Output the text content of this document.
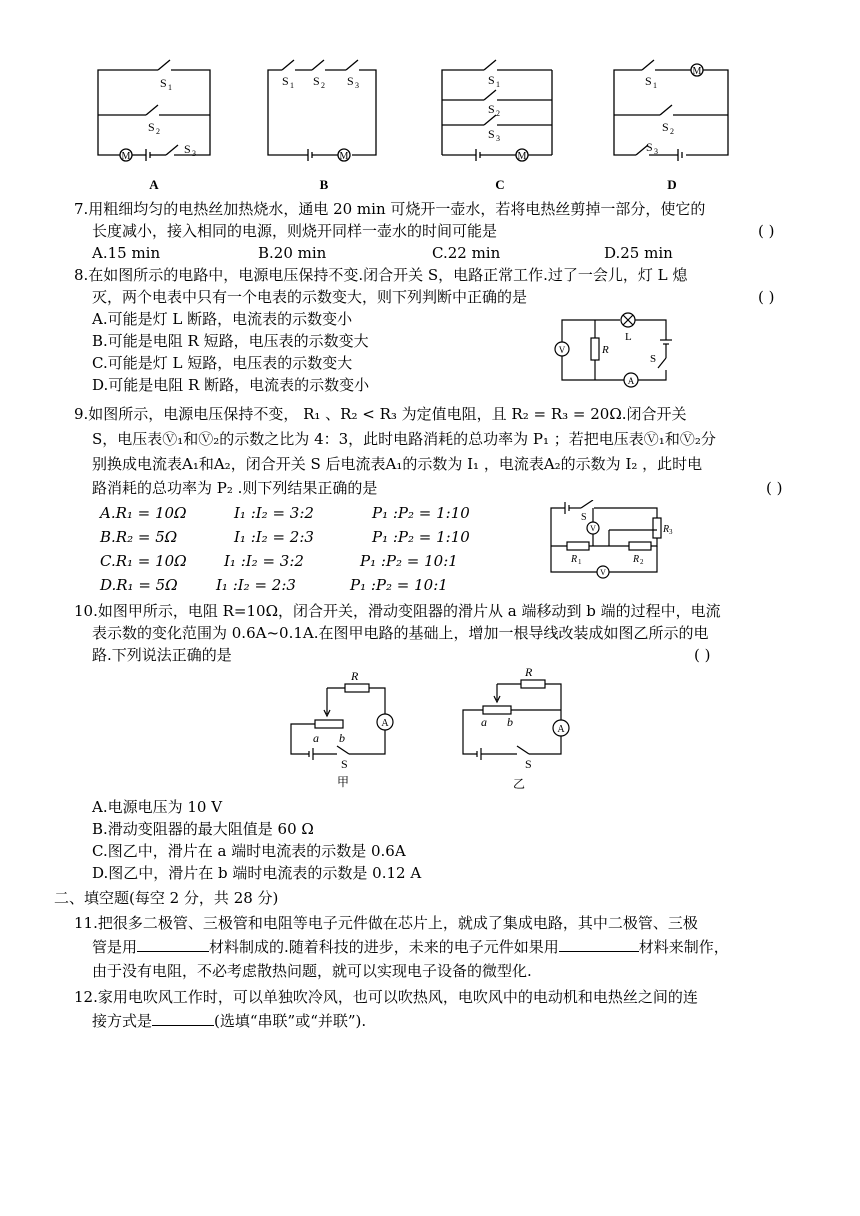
M	M	M
M
S 1
S 2
S 3
S 1 S 2 S 3	S 1
S 2
S 3
S 1
S 2
S 3
A	B	C	D
7.用粗细均匀的电热丝加热烧水，通电 20 min 可烧开一壶水，若将电热丝剪掉一部分，使它的
长度减小，接入相同的电源，则烧开同样一壶水的时间可能是	( )
A.15 min	B.20 min	C.22 min	D.25 min
8.在如图所示的电路中，电源电压保持不变.闭合开关 S，电路正常工作.过了一会儿，灯 L 熄
灭，两个电表中只有一个电表的示数变大，则下列判断中正确的是	( )
A.可能是灯 L 断路，电流表的示数变小
B.可能是电阻 R 短路，电压表的示数变大
C.可能是灯 L 短路，电压表的示数变大
D.可能是电阻 R 断路，电流表的示数变小
V	R
L
S
A
9.如图所示，电源电压保持不变， R₁ 、R₂ < R₃ 为定值电阻，且 R₂ = R₃ = 20Ω.闭合开关
S，电压表Ⓥ₁和Ⓥ₂的示数之比为 4：3，此时电路消耗的总功率为 P₁ ；若把电压表Ⓥ₁和Ⓥ₂分
别换成电流表A₁和A₂，闭合开关 S 后电流表A₁的示数为 I₁ ，电流表A₂的示数为 I₂ ，此时电
路消耗的总功率为 P₂ .则下列结果正确的是	( )
A.R₁ = 10Ω	I₁ :I₂ = 3:2	P₁ :P₂ = 1:10
B.R₂ = 5Ω	I₁ :I₂ = 2:3	P₁ :P₂ = 1:10
C.R₁ = 10Ω I₁ :I₂ = 3:2	P₁ :P₂ = 10:1
D.R₁ = 5Ω	I₁ :I₂ = 2:3	P₁ :P₂ = 10:1
S
V	R
R 1	R 2
V
3
10.如图甲所示，电阻 R=10Ω，闭合开关，滑动变阻器的滑片从 a 端移动到 b 端的过程中，电流
表示数的变化范围为 0.6A~0.1A.在图甲电路的基础上，增加一根导线改装成如图乙所示的电
路.下列说法正确的是	( )
R
a b
A
S
甲
R
a b
A
S
乙
A.电源电压为 10 V
B.滑动变阻器的最大阻值是 60 Ω
C.图乙中，滑片在 a 端时电流表的示数是 0.6A
D.图乙中，滑片在 b 端时电流表的示数是 0.12 A
二、填空题(每空 2 分，共 28 分)
11.把很多二极管、三极管和电阻等电子元件做在芯片上，就成了集成电路，其中二极管、三极
管是用	材料制成的.随着科技的进步，未来的电子元件如果用	材料来制作，
由于没有电阻，不必考虑散热问题，就可以实现电子设备的微型化.
12.家用电吹风工作时，可以单独吹冷风，也可以吹热风，电吹风中的电动机和电热丝之间的连
接方式是	(选填“串联”或“并联”).
